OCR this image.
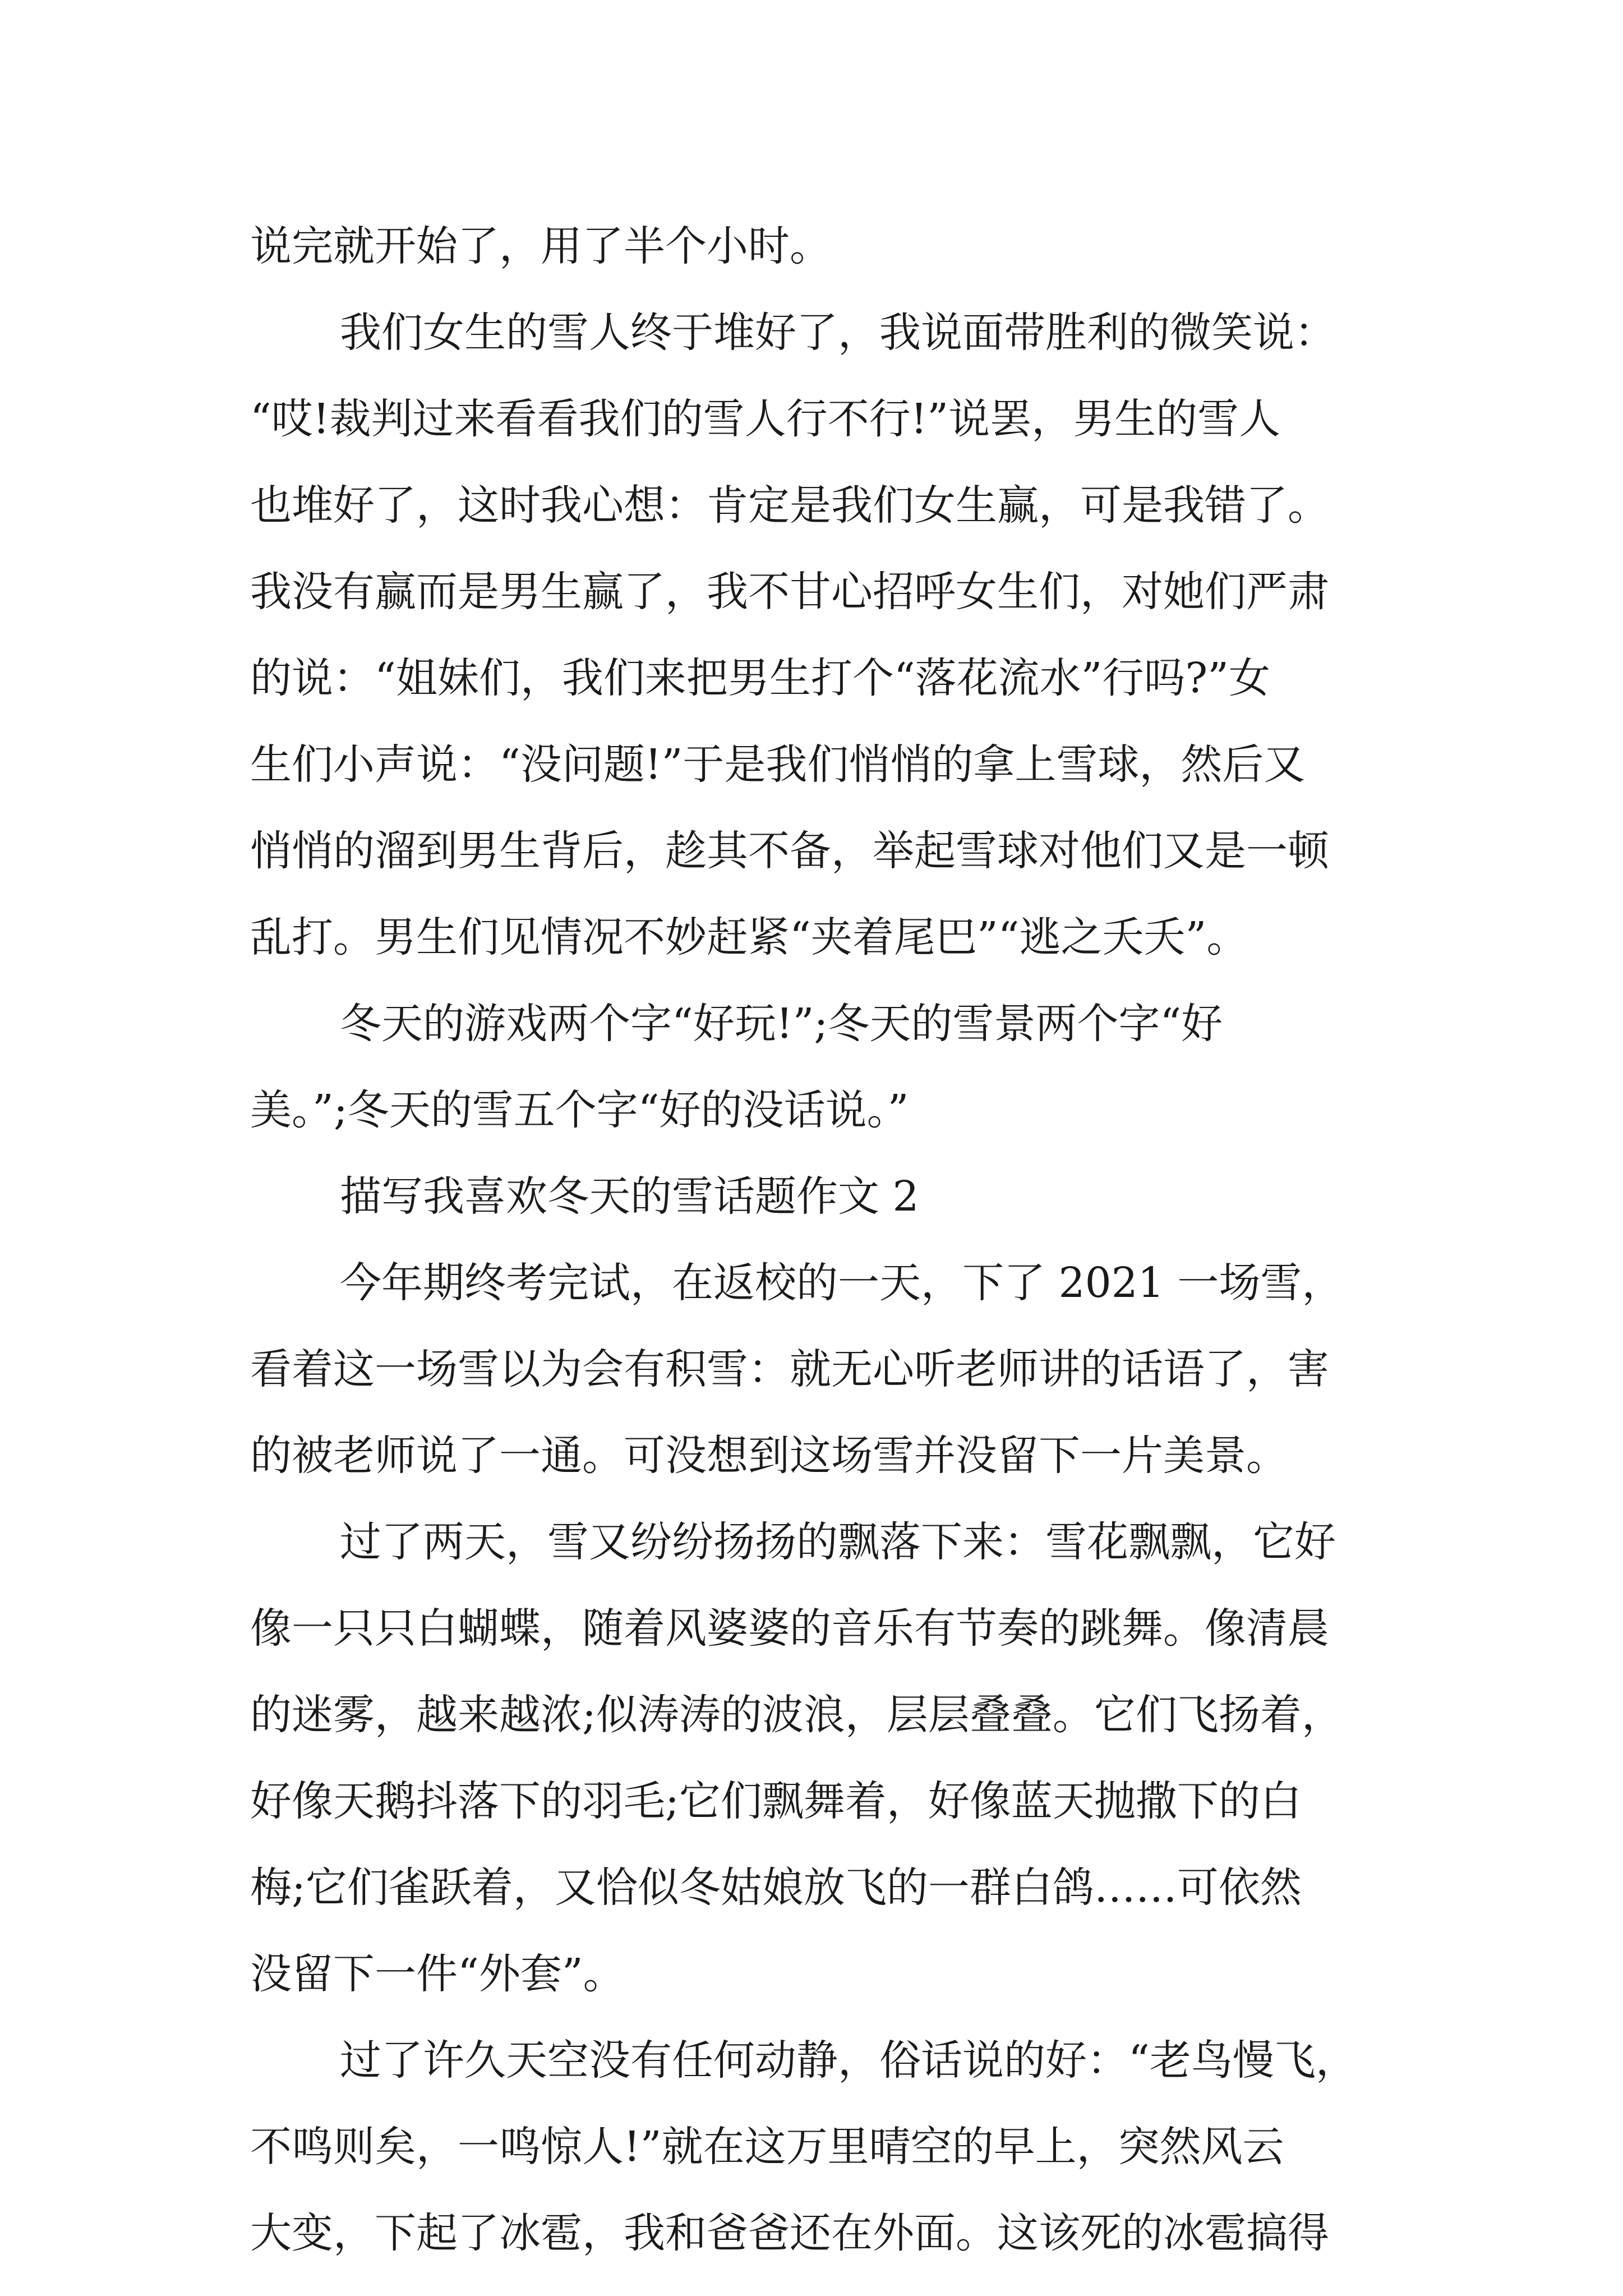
说完就开始了，用了半个小时。
我们女生的雪人终于堆好了，我说面带胜利的微笑说：
“哎!裁判过来看看我们的雪人行不行!”说罢，男生的雪人
也堆好了，这时我心想：肯定是我们女生赢，可是我错了。
我没有赢而是男生赢了，我不甘心招呼女生们，对她们严肃
的说：“姐妹们，我们来把男生打个“落花流水”行吗?”女
生们小声说：“没问题!”于是我们悄悄的拿上雪球，然后又
悄悄的溜到男生背后，趁其不备，举起雪球对他们又是一顿
乱打。男生们见情况不妙赶紧“夹着尾巴”“逃之夭夭”。
冬天的游戏两个字“好玩!”;冬天的雪景两个字“好
美。”;冬天的雪五个字“好的没话说。”
描写我喜欢冬天的雪话题作文 2
今年期终考完试，在返校的一天，下了 2021 一场雪，
看着这一场雪以为会有积雪：就无心听老师讲的话语了，害
的被老师说了一通。可没想到这场雪并没留下一片美景。
过了两天，雪又纷纷扬扬的飘落下来：雪花飘飘，它好
像一只只白蝴蝶，随着风婆婆的音乐有节奏的跳舞。像清晨
的迷雾，越来越浓;似涛涛的波浪，层层叠叠。它们飞扬着，
好像天鹅抖落下的羽毛;它们飘舞着，好像蓝天抛撒下的白
梅;它们雀跃着，又恰似冬姑娘放飞的一群白鸽……可依然
没留下一件“外套”。
过了许久天空没有任何动静，俗话说的好：“老鸟慢飞，
不鸣则矣，一鸣惊人!”就在这万里晴空的早上，突然风云
大变，下起了冰雹，我和爸爸还在外面。这该死的冰雹搞得
